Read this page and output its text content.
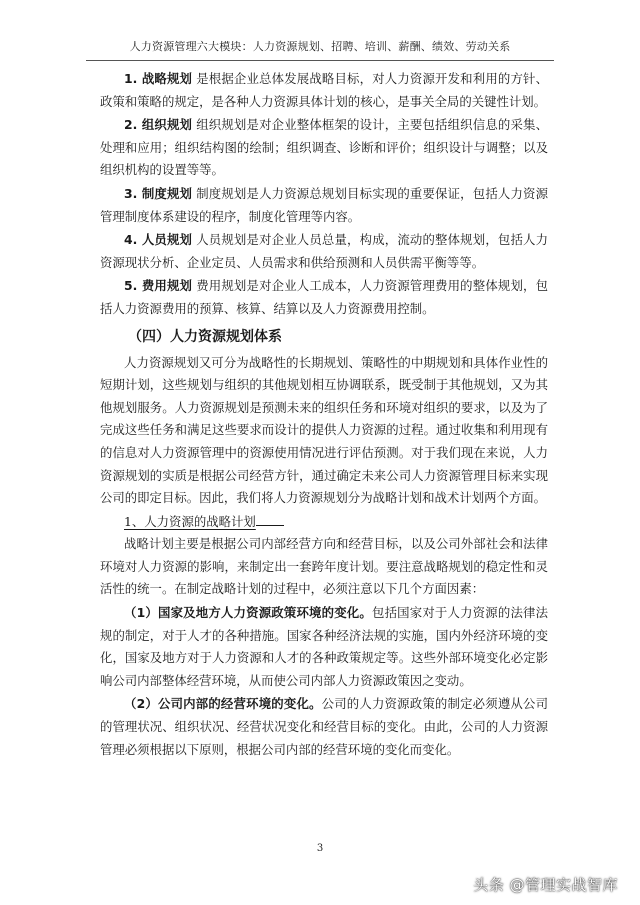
人力资源管理六大模块：人力资源规划、招聘、培训、薪酬、绩效、劳动关系

1. 战略规划 是根据企业总体发展战略目标，对人力资源开发和利用的方针、政策和策略的规定，是各种人力资源具体计划的核心，是事关全局的关键性计划。

2. 组织规划 组织规划是对企业整体框架的设计，主要包括组织信息的采集、处理和应用；组织结构图的绘制；组织调查、诊断和评价；组织设计与调整；以及组织机构的设置等等。

3. 制度规划 制度规划是人力资源总规划目标实现的重要保证，包括人力资源管理制度体系建设的程序，制度化管理等内容。

4. 人员规划 人员规划是对企业人员总量，构成，流动的整体规划，包括人力资源现状分析、企业定员、人员需求和供给预测和人员供需平衡等等。

5. 费用规划 费用规划是对企业人工成本，人力资源管理费用的整体规划，包括人力资源费用的预算、核算、结算以及人力资源费用控制。

（四）人力资源规划体系

人力资源规划又可分为战略性的长期规划、策略性的中期规划和具体作业性的短期计划，这些规划与组织的其他规划相互协调联系，既受制于其他规划，又为其他规划服务。人力资源规划是预测未来的组织任务和环境对组织的要求，以及为了完成这些任务和满足这些要求而设计的提供人力资源的过程。通过收集和利用现有的信息对人力资源管理中的资源使用情况进行评估预测。对于我们现在来说，人力资源规划的实质是根据公司经营方针，通过确定未来公司人力资源管理目标来实现公司的即定目标。因此，我们将人力资源规划分为战略计划和战术计划两个方面。

1、人力资源的战略计划

战略计划主要是根据公司内部经营方向和经营目标，以及公司外部社会和法律环境对人力资源的影响，来制定出一套跨年度计划。要注意战略规划的稳定性和灵活性的统一。在制定战略计划的过程中，必须注意以下几个方面因素：

（1）国家及地方人力资源政策环境的变化。包括国家对于人力资源的法律法规的制定，对于人才的各种措施。国家各种经济法规的实施，国内外经济环境的变化，国家及地方对于人力资源和人才的各种政策规定等。这些外部环境变化必定影响公司内部整体经营环境，从而使公司内部人力资源政策因之变动。

（2）公司内部的经营环境的变化。公司的人力资源政策的制定必须遵从公司的管理状况、组织状况、经营状况变化和经营目标的变化。由此，公司的人力资源管理必须根据以下原则，根据公司内部的经营环境的变化而变化。

3
头条 @管理实战智库
